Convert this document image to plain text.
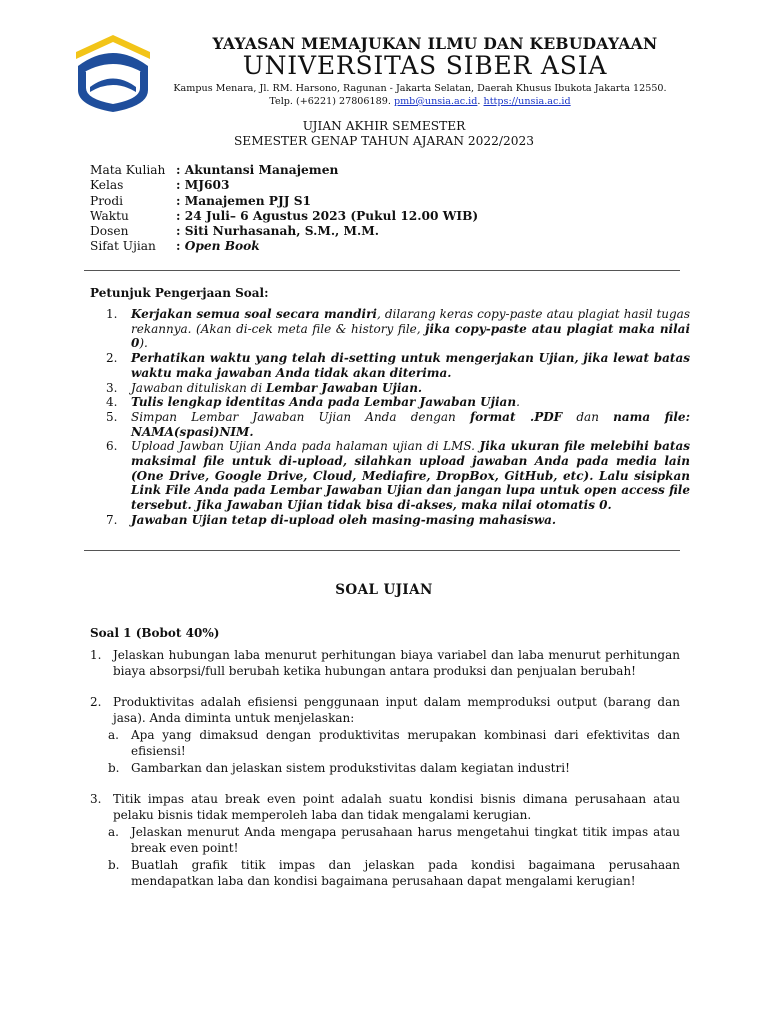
YAYASAN MEMAJUKAN ILMU DAN KEBUDAYAAN
UNIVERSITAS SIBER ASIA
Kampus Menara, Jl. RM. Harsono, Ragunan - Jakarta Selatan, Daerah Khusus Ibukota Jakarta 12550.
Telp. (+6221) 27806189. pmb@unsia.ac.id. https://unsia.ac.id
UJIAN AKHIR SEMESTER
SEMESTER GENAP TAHUN AJARAN 2022/2023
Mata Kuliah : Akuntansi Manajemen
Kelas	: MJ603
Prodi	: Manajemen PJJ S1
Waktu	: 24 Juli– 6 Agustus 2023 (Pukul 12.00 WIB)
Dosen	: Siti Nurhasanah, S.M., M.M.
Sifat Ujian	: Open Book
Petunjuk Pengerjaan Soal:
1. Kerjakan semua soal secara mandiri, dilarang keras copy-paste atau plagiat hasil tugas rekannya. (Akan di-cek meta file & history file, jika copy-paste atau plagiat maka nilai 0).
2. Perhatikan waktu yang telah di-setting untuk mengerjakan Ujian, jika lewat batas waktu maka jawaban Anda tidak akan diterima.
3. Jawaban dituliskan di Lembar Jawaban Ujian.
4. Tulis lengkap identitas Anda pada Lembar Jawaban Ujian.
5. Simpan Lembar Jawaban Ujian Anda dengan format .PDF dan nama file: NAMA(spasi)NIM.
6. Upload Jawban Ujian Anda pada halaman ujian di LMS. Jika ukuran file melebihi batas maksimal file untuk di-upload, silahkan upload jawaban Anda pada media lain (One Drive, Google Drive, Cloud, Mediafire, DropBox, GitHub, etc). Lalu sisipkan Link File Anda pada Lembar Jawaban Ujian dan jangan lupa untuk open access file tersebut. Jika Jawaban Ujian tidak bisa di-akses, maka nilai otomatis 0.
7. Jawaban Ujian tetap di-upload oleh masing-masing mahasiswa.
SOAL UJIAN
Soal 1 (Bobot 40%)
1. Jelaskan hubungan laba menurut perhitungan biaya variabel dan laba menurut perhitungan biaya absorpsi/full berubah ketika hubungan antara produksi dan penjualan berubah!
2. Produktivitas adalah efisiensi penggunaan input dalam memproduksi output (barang dan jasa). Anda diminta untuk menjelaskan:
a. Apa yang dimaksud dengan produktivitas merupakan kombinasi dari efektivitas dan efisiensi!
b. Gambarkan dan jelaskan sistem produkstivitas dalam kegiatan industri!
3. Titik impas atau break even point adalah suatu kondisi bisnis dimana perusahaan atau pelaku bisnis tidak memperoleh laba dan tidak mengalami kerugian.
a. Jelaskan menurut Anda mengapa perusahaan harus mengetahui tingkat titik impas atau break even point!
b. Buatlah grafik titik impas dan jelaskan pada kondisi bagaimana perusahaan mendapatkan laba dan kondisi bagaimana perusahaan dapat mengalami kerugian!
